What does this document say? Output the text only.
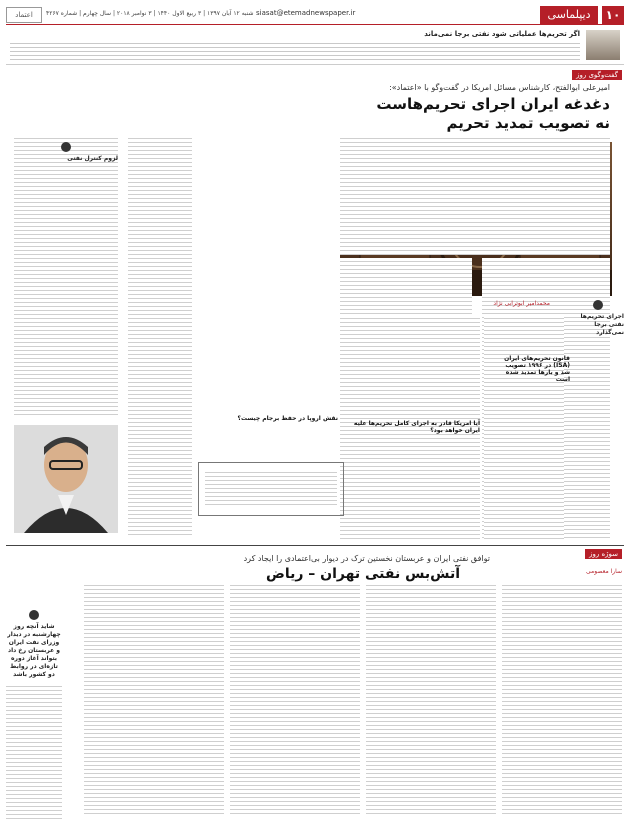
۱۰
دیپلماسی
siasat@etemadnewspaper.ir
شنبه ۱۲ آبان ۱۳۹۷ | ۳ ربیع الاول ۱۴۴۰ | ۳ نوامبر ۲۰۱۸ | سال چهارم | شماره ۴۲۶۷
اعتماد
اگر تحریم‌ها عملیاتی شود نفتی برجا نمی‌ماند
گفت‌وگوی روز
امیرعلی ابوالفتح، کارشناس مسائل امریکا در گفت‌وگو با «اعتماد»:
دغدغه ایران اجرای تحریم‌هاست
نه تصویب تمدید تحریم
اجرای تحریم‌ها نفتی برجا نمی‌گذارد
محمدامیر ابوترابی نژاد
قانون تحریم‌های ایران (ISA) در ۱۹۹۶ تصویب شد و بارها تمدید شده است
آیا امریکا قادر به اجرای کامل تحریم‌ها علیه ایران خواهد بود؟
نقش اروپا در حفظ برجام چیست؟
لزوم کنترل نفتی
سوژه روز
توافق نفتی ایران و عربستان نخستین ترک در دیوار بی‌اعتمادی را ایجاد کرد
آتش‌بس نفتی تهران – ریاض	سارا معصومی
شاید آنچه روز چهارشنبه در دیدار وزرای نفت ایران و عربستان رخ داد بتواند آغاز دوره تازه‌ای در روابط دو کشور باشد
